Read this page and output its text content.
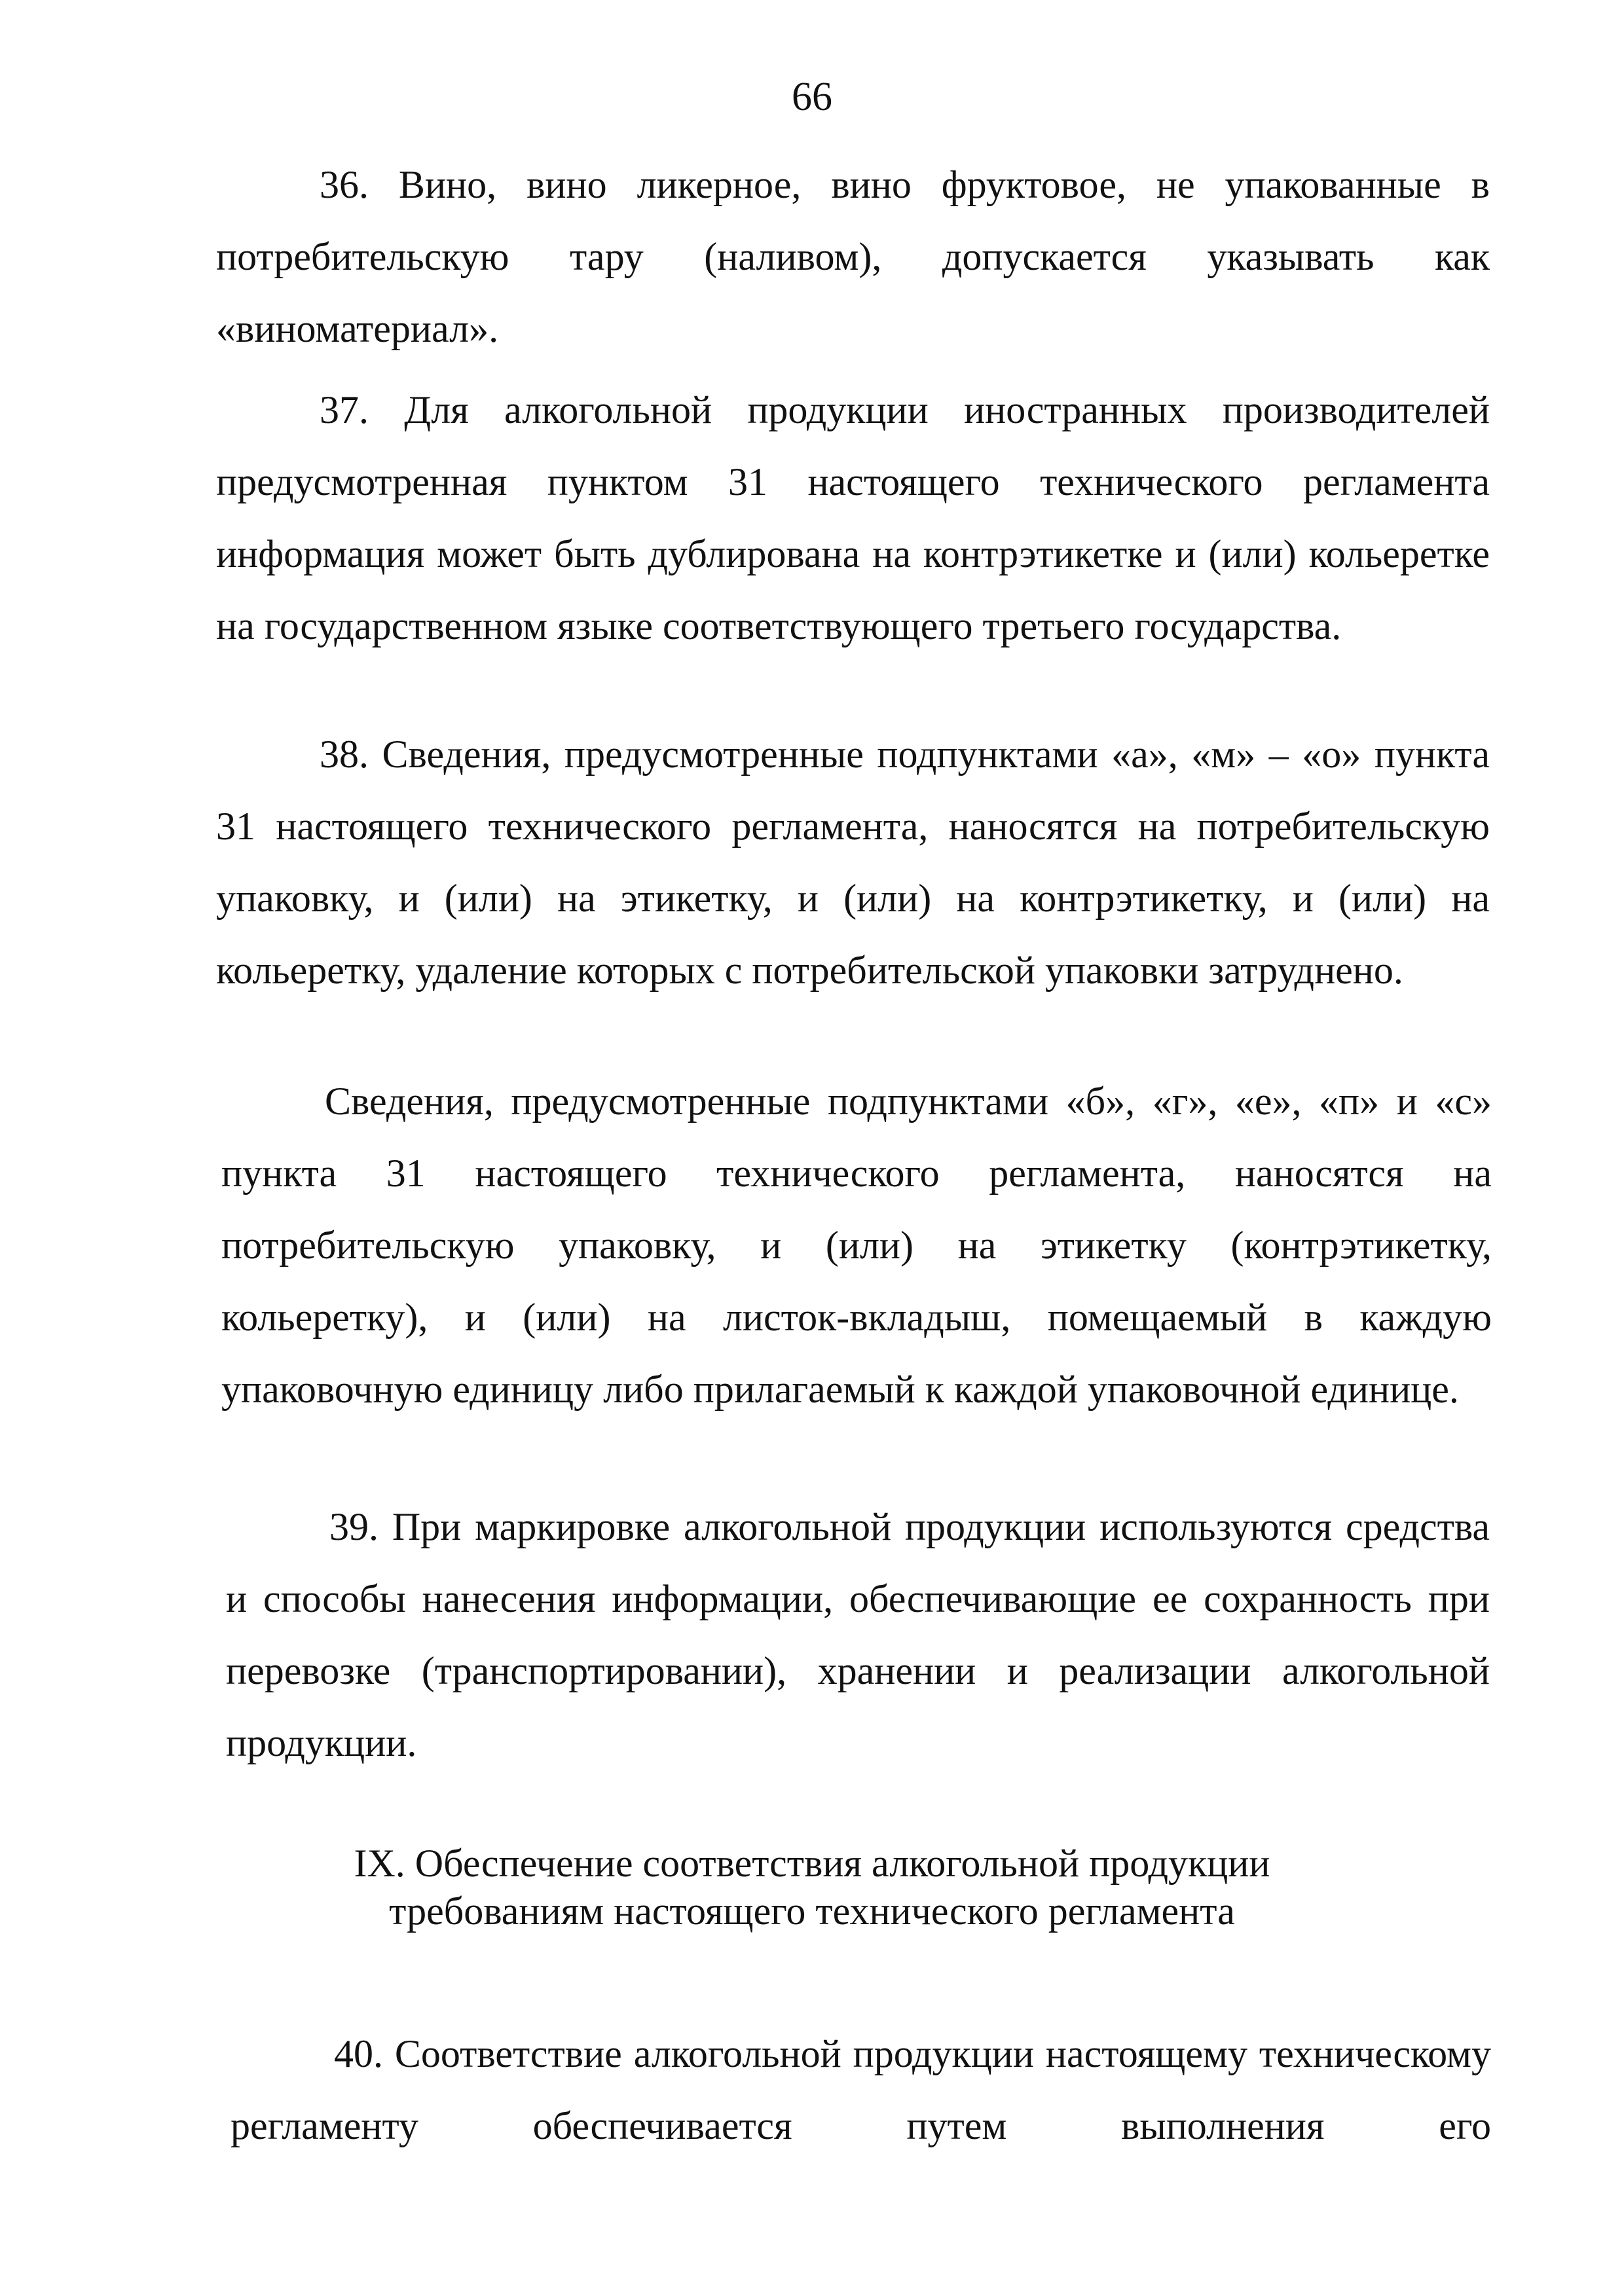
66

36. Вино, вино ликерное, вино фруктовое, не упакованные в потребительскую тару (наливом), допускается указывать как «виноматериал».

37. Для алкогольной продукции иностранных производителей предусмотренная пунктом 31 настоящего технического регламента информация может быть дублирована на контрэтикетке и (или) кольеретке на государственном языке соответствующего третьего государства.

38. Сведения, предусмотренные подпунктами «а», «м» – «о» пункта 31 настоящего технического регламента, наносятся на потребительскую упаковку, и (или) на этикетку, и (или) на контрэтикетку, и (или) на кольеретку, удаление которых с потребительской упаковки затруднено.

Сведения, предусмотренные подпунктами «б», «г», «е», «п» и «с» пункта 31 настоящего технического регламента, наносятся на потребительскую упаковку, и (или) на этикетку (контрэтикетку, кольеретку), и (или) на листок-вкладыш, помещаемый в каждую упаковочную единицу либо прилагаемый к каждой упаковочной единице.

39. При маркировке алкогольной продукции используются средства и способы нанесения информации, обеспечивающие ее сохранность при перевозке (транспортировании), хранении и реализации алкогольной продукции.

IX. Обеспечение соответствия алкогольной продукции
требованиям настоящего технического регламента

40. Соответствие алкогольной продукции настоящему техническому регламенту обеспечивается путем выполнения его
